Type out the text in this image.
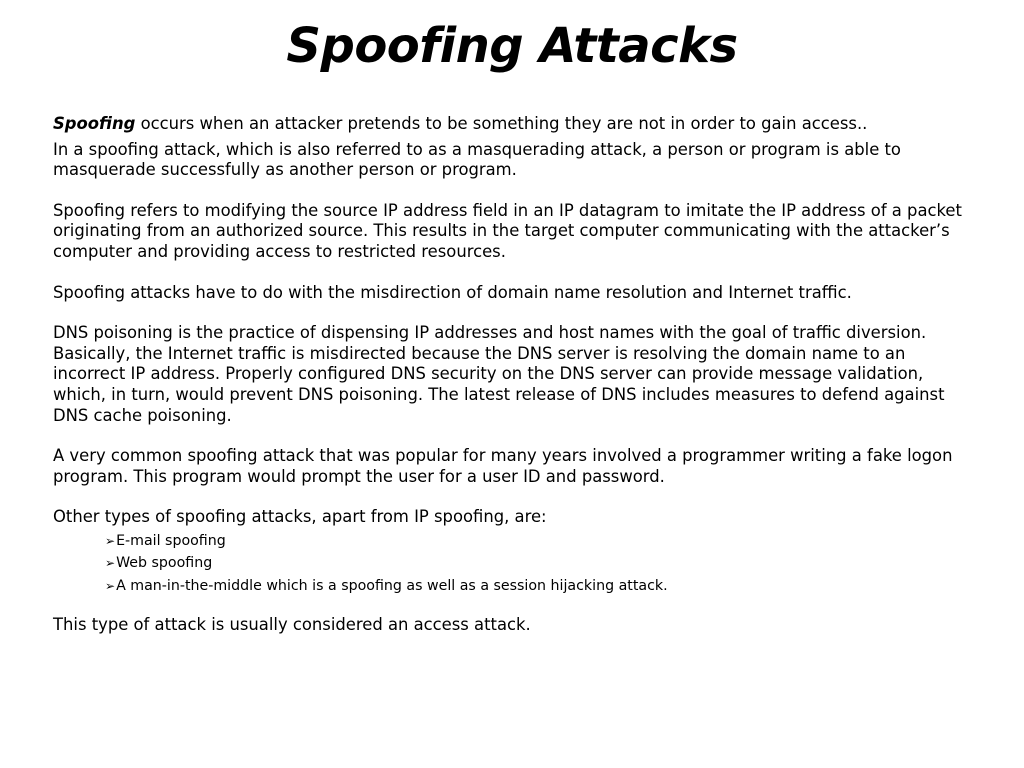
Spoofing Attacks

Spoofing occurs when an attacker pretends to be something they are not in order to gain access..

In a spoofing attack, which is also referred to as a masquerading attack, a person or program is able to masquerade successfully as another person or program.

Spoofing refers to modifying the source IP address field in an IP datagram to imitate the IP address of a packet originating from an authorized source. This results in the target computer communicating with the attacker’s computer and providing access to restricted resources.

Spoofing attacks have to do with the misdirection of domain name resolution and Internet traffic.

DNS poisoning is the practice of dispensing IP addresses and host names with the goal of traffic diversion. Basically, the Internet traffic is misdirected because the DNS server is resolving the domain name to an incorrect IP address. Properly configured DNS security on the DNS server can provide message validation, which, in turn, would prevent DNS poisoning. The latest release of DNS includes measures to defend against DNS cache poisoning.

A very common spoofing attack that was popular for many years involved a programmer writing a fake logon program. This program would prompt the user for a user ID and password.

Other types of spoofing attacks, apart from IP spoofing, are:

➢E-mail spoofing
➢Web spoofing
➢A man-in-the-middle which is a spoofing as well as a session hijacking attack.

This type of attack is usually considered an access attack.
